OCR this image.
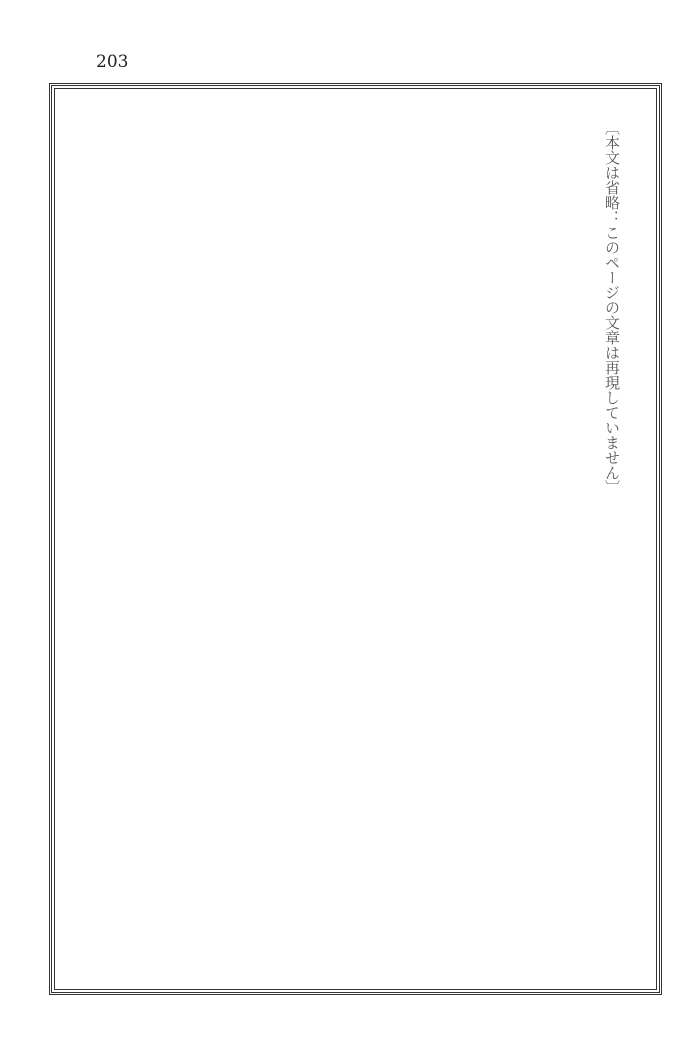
203
〔本文は省略：このページの文章は再現していません〕
